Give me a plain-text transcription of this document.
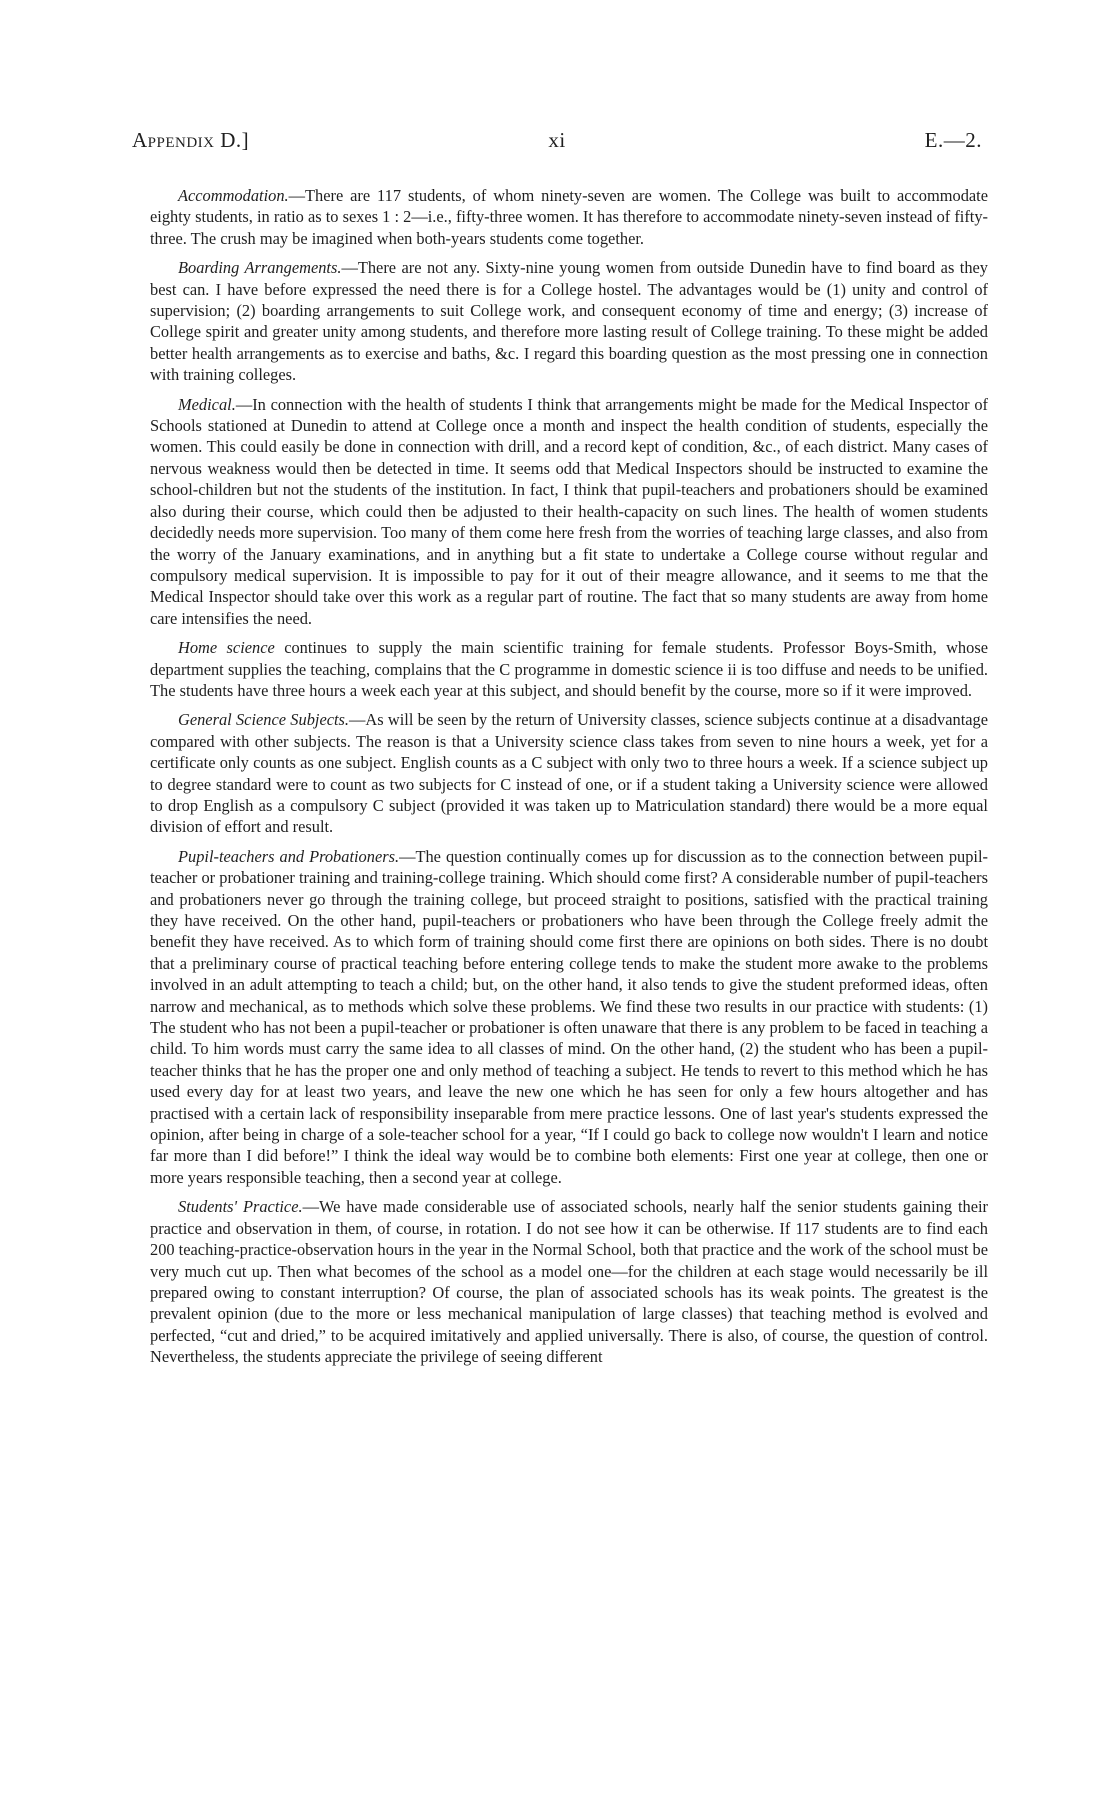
Appendix D.]	xi	E.—2.

Accommodation.—There are 117 students, of whom ninety-seven are women. The College was built to accommodate eighty students, in ratio as to sexes 1 : 2—i.e., fifty-three women. It has therefore to accommodate ninety-seven instead of fifty-three. The crush may be imagined when both-years students come together.

Boarding Arrangements.—There are not any. Sixty-nine young women from outside Dunedin have to find board as they best can. I have before expressed the need there is for a College hostel. The advantages would be (1) unity and control of supervision; (2) boarding arrangements to suit College work, and consequent economy of time and energy; (3) increase of College spirit and greater unity among students, and therefore more lasting result of College training. To these might be added better health arrangements as to exercise and baths, &c. I regard this boarding question as the most pressing one in connection with training colleges.

Medical.—In connection with the health of students I think that arrangements might be made for the Medical Inspector of Schools stationed at Dunedin to attend at College once a month and inspect the health condition of students, especially the women. This could easily be done in connection with drill, and a record kept of condition, &c., of each district. Many cases of nervous weakness would then be detected in time. It seems odd that Medical Inspectors should be instructed to examine the school-children but not the students of the institution. In fact, I think that pupil-teachers and probationers should be examined also during their course, which could then be adjusted to their health-capacity on such lines. The health of women students decidedly needs more supervision. Too many of them come here fresh from the worries of teaching large classes, and also from the worry of the January examinations, and in anything but a fit state to undertake a College course without regular and compulsory medical supervision. It is impossible to pay for it out of their meagre allowance, and it seems to me that the Medical Inspector should take over this work as a regular part of routine. The fact that so many students are away from home care intensifies the need.

Home science continues to supply the main scientific training for female students. Professor Boys-Smith, whose department supplies the teaching, complains that the C programme in domestic science ii is too diffuse and needs to be unified. The students have three hours a week each year at this subject, and should benefit by the course, more so if it were improved.

General Science Subjects.—As will be seen by the return of University classes, science subjects continue at a disadvantage compared with other subjects. The reason is that a University science class takes from seven to nine hours a week, yet for a certificate only counts as one subject. English counts as a C subject with only two to three hours a week. If a science subject up to degree standard were to count as two subjects for C instead of one, or if a student taking a University science were allowed to drop English as a compulsory C subject (provided it was taken up to Matriculation standard) there would be a more equal division of effort and result.

Pupil-teachers and Probationers.—The question continually comes up for discussion as to the connection between pupil-teacher or probationer training and training-college training. Which should come first? A considerable number of pupil-teachers and probationers never go through the training college, but proceed straight to positions, satisfied with the practical training they have received. On the other hand, pupil-teachers or probationers who have been through the College freely admit the benefit they have received. As to which form of training should come first there are opinions on both sides. There is no doubt that a preliminary course of practical teaching before entering college tends to make the student more awake to the problems involved in an adult attempting to teach a child; but, on the other hand, it also tends to give the student preformed ideas, often narrow and mechanical, as to methods which solve these problems. We find these two results in our practice with students: (1) The student who has not been a pupil-teacher or probationer is often unaware that there is any problem to be faced in teaching a child. To him words must carry the same idea to all classes of mind. On the other hand, (2) the student who has been a pupil-teacher thinks that he has the proper one and only method of teaching a subject. He tends to revert to this method which he has used every day for at least two years, and leave the new one which he has seen for only a few hours altogether and has practised with a certain lack of responsibility inseparable from mere practice lessons. One of last year's students expressed the opinion, after being in charge of a sole-teacher school for a year, “If I could go back to college now wouldn't I learn and notice far more than I did before!” I think the ideal way would be to combine both elements: First one year at college, then one or more years responsible teaching, then a second year at college.

Students' Practice.—We have made considerable use of associated schools, nearly half the senior students gaining their practice and observation in them, of course, in rotation. I do not see how it can be otherwise. If 117 students are to find each 200 teaching-practice-observation hours in the year in the Normal School, both that practice and the work of the school must be very much cut up. Then what becomes of the school as a model one—for the children at each stage would necessarily be ill prepared owing to constant interruption? Of course, the plan of associated schools has its weak points. The greatest is the prevalent opinion (due to the more or less mechanical manipulation of large classes) that teaching method is evolved and perfected, “cut and dried,” to be acquired imitatively and applied universally. There is also, of course, the question of control. Nevertheless, the students appreciate the privilege of seeing different
